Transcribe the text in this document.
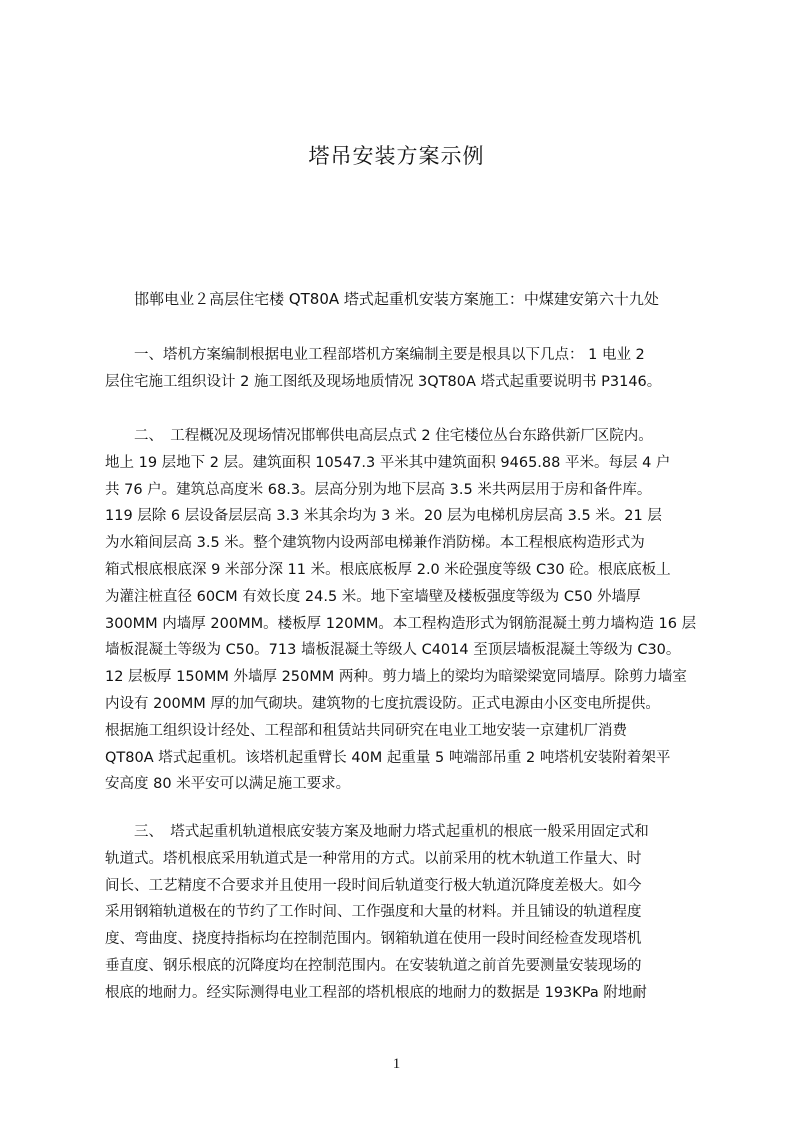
塔吊安装方案示例

邯郸电业２高层住宅楼 QT80A 塔式起重机安装方案施工：中煤建安第六十九处

　　一、塔机方案编制根据电业工程部塔机方案编制主要是根具以下几点： 1 电业 2
层住宅施工组织设计 2 施工图纸及现场地质情况 3QT80A 塔式起重要说明书 P3146。
　　二、　工程概况及现场情况邯郸供电高层点式 2 住宅楼位丛台东路供新厂区院内。
地上 19 层地下 2 层。建筑面积 10547.3 平米其中建筑面积 9465.88 平米。每层 4 户
共 76 户。建筑总高度米 68.3。层高分别为地下层高 3.5 米共两层用于房和备件库。
119 层除 6 层设备层层高 3.3 米其余均为 3 米。20 层为电梯机房层高 3.5 米。21 层
为水箱间层高 3.5 米。整个建筑物内设两部电梯兼作消防梯。本工程根底构造形式为
箱式根底根底深 9 米部分深 11 米。根底底板厚 2.0 米砼强度等级 C30 砼。根底底板丄
为灌注桩直径 60CM 有效长度 24.5 米。地下室墙壁及楼板强度等级为 C50 外墙厚
300MM 内墙厚 200MM。楼板厚 120MM。本工程构造形式为钢筋混凝土剪力墙构造 16 层
墙板混凝土等级为 C50。713 墙板混凝土等级人 C4014 至顶层墙板混凝土等级为 C30。
12 层板厚 150MM 外墙厚 250MM 两种。剪力墙上的梁均为暗梁梁宽同墙厚。除剪力墙室
内设有 200MM 厚的加气砌块。建筑物的七度抗震设防。正式电源由小区变电所提供。
根据施工组织设计经处、工程部和租赁站共同研究在电业工地安装一京建机厂消费
QT80A 塔式起重机。该塔机起重臂长 40M 起重量 5 吨端部吊重 2 吨塔机安装附着架平
安高度 80 米平安可以满足施工要求。
　　三、　塔式起重机轨道根底安装方案及地耐力塔式起重机的根底一般采用固定式和
轨道式。塔机根底采用轨道式是一种常用的方式。以前采用的枕木轨道工作量大、时
间长、工艺精度不合要求并且使用一段时间后轨道变行极大轨道沉降度差极大。如今
采用钢箱轨道极在的节约了工作时间、工作强度和大量的材料。并且铺设的轨道程度
度、弯曲度、挠度持指标均在控制范围内。钢箱轨道在使用一段时间经检查发现塔机
垂直度、钢乐根底的沉降度均在控制范围内。在安装轨道之前首先要测量安装现场的
根底的地耐力。经实际测得电业工程部的塔机根底的地耐力的数据是 193KPa 附地耐
1
